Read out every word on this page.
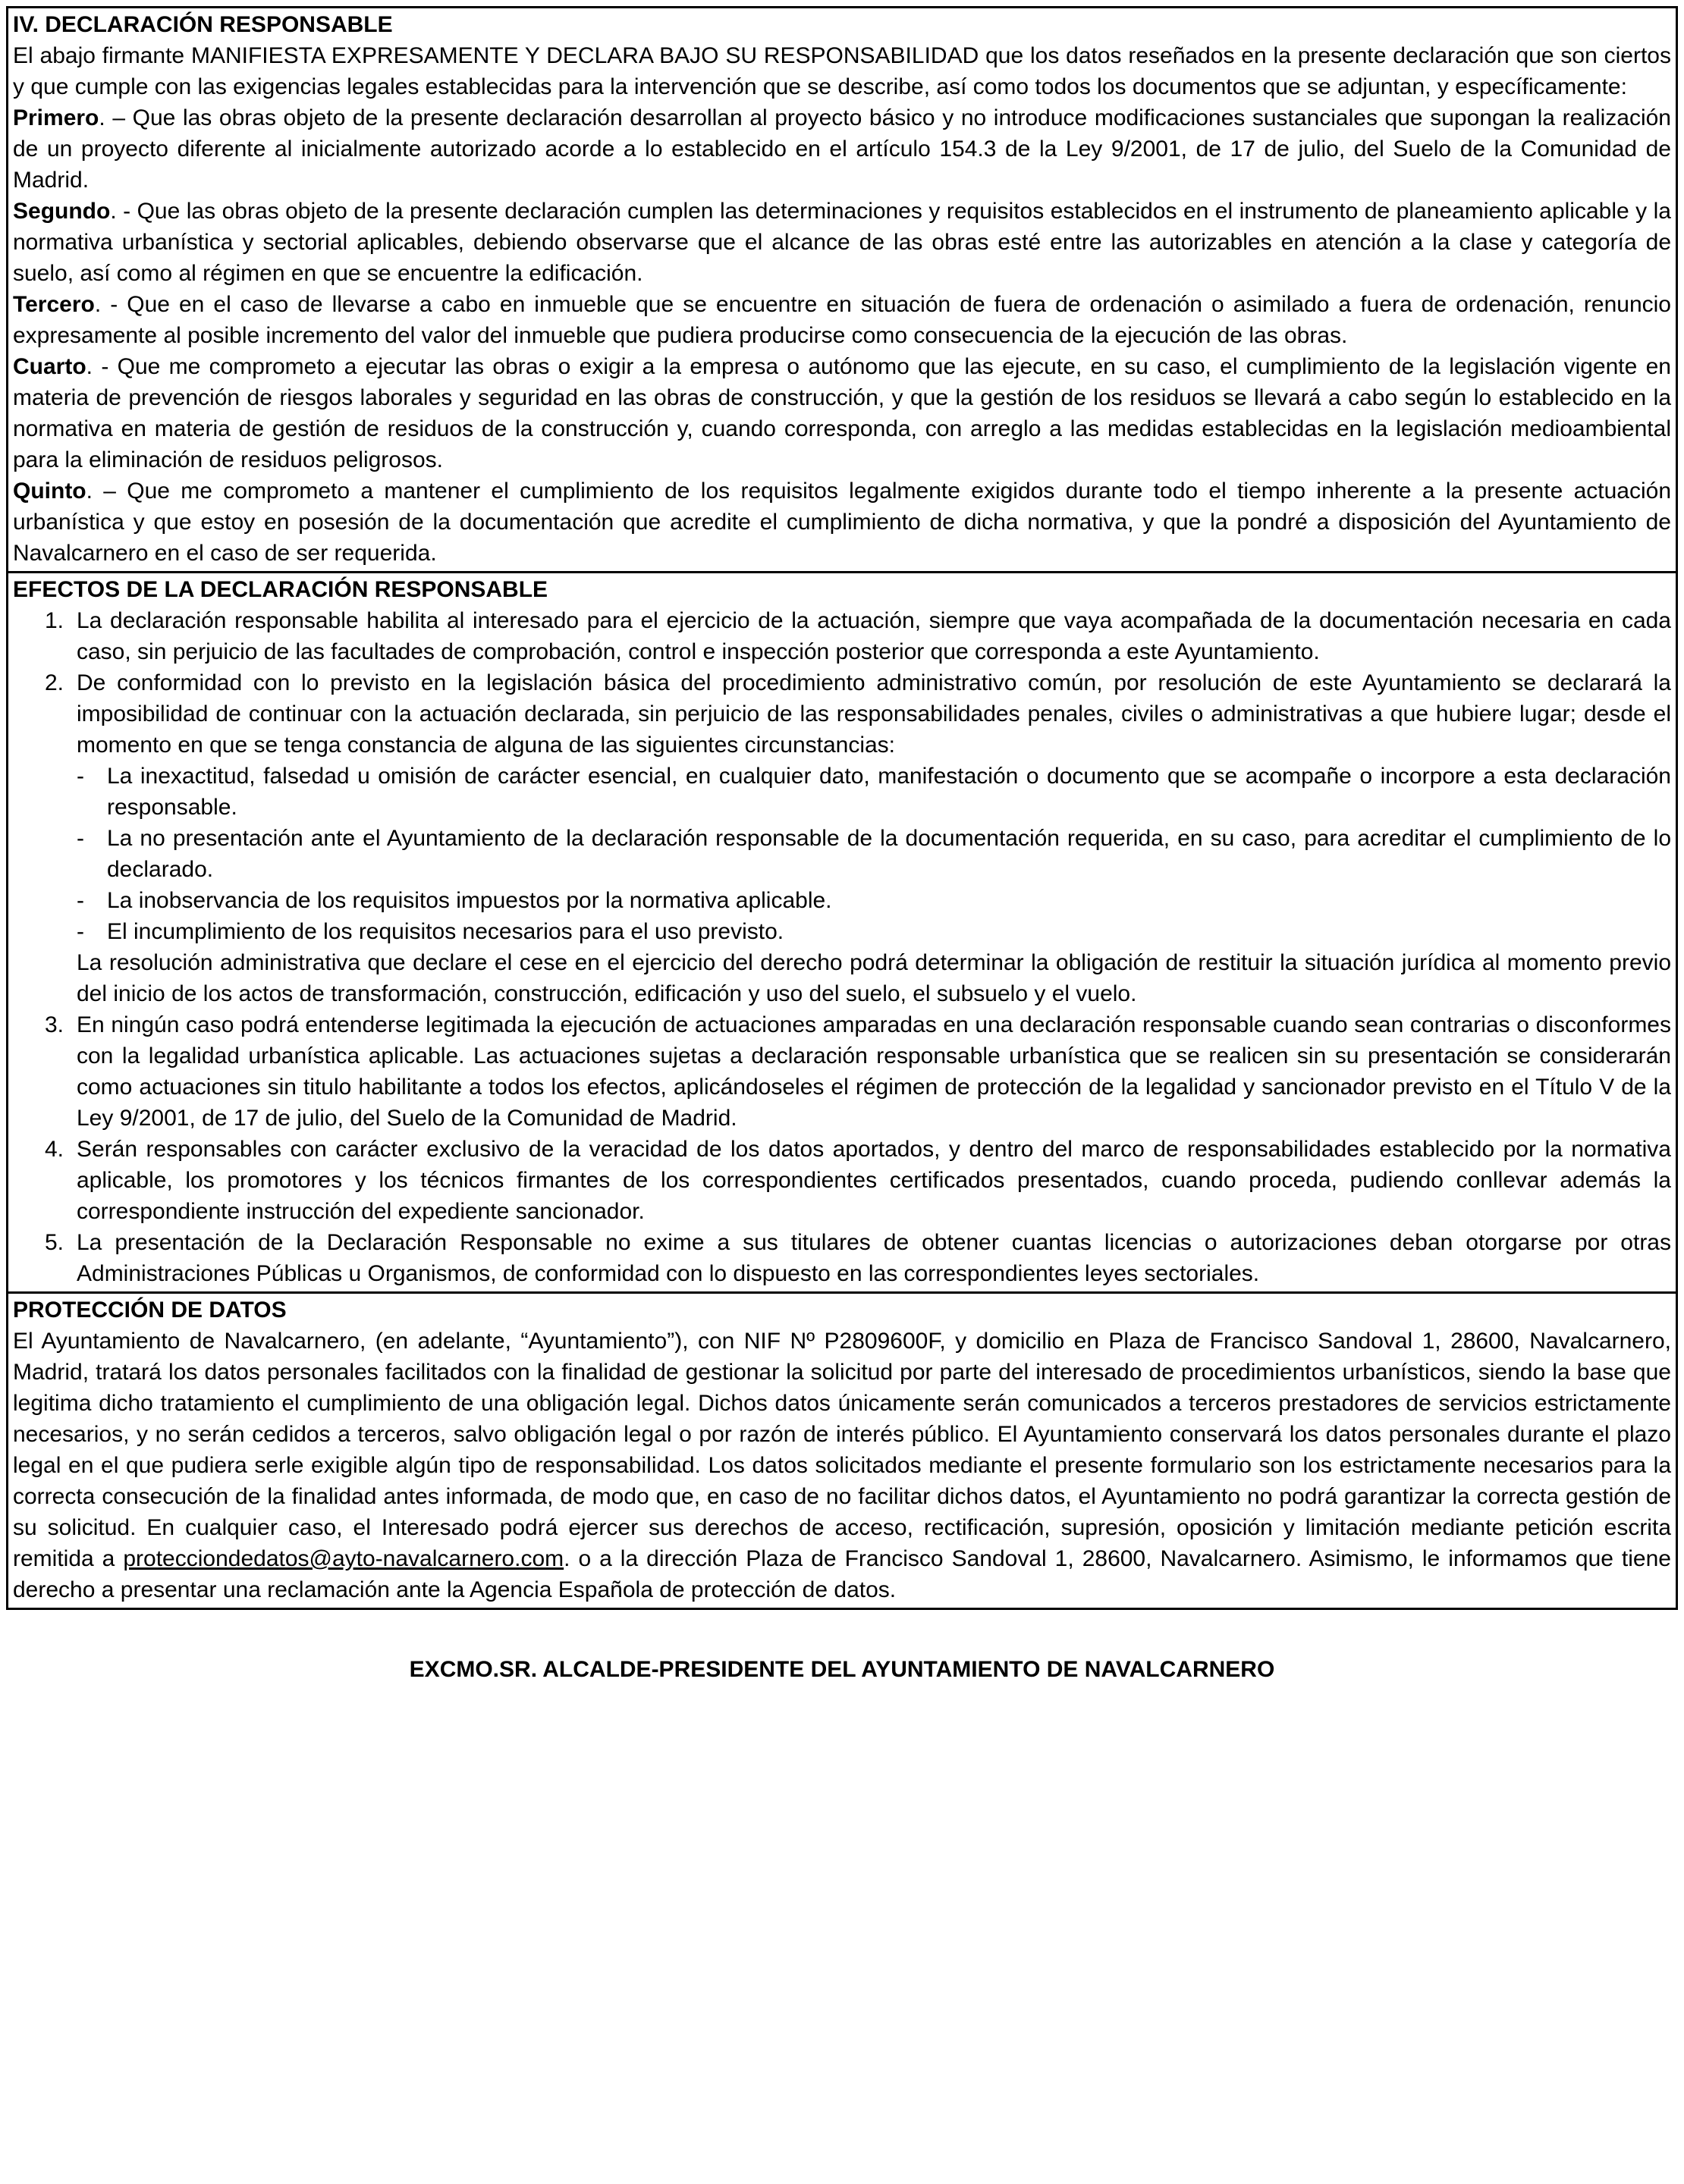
IV. DECLARACIÓN RESPONSABLE

El abajo firmante MANIFIESTA EXPRESAMENTE Y DECLARA BAJO SU RESPONSABILIDAD que los datos reseñados en la presente declaración que son ciertos y que cumple con las exigencias legales establecidas para la intervención que se describe, así como todos los documentos que se adjuntan, y específicamente:

Primero. – Que las obras objeto de la presente declaración desarrollan al proyecto básico y no introduce modificaciones sustanciales que supongan la realización de un proyecto diferente al inicialmente autorizado acorde a lo establecido en el artículo 154.3 de la Ley 9/2001, de 17 de julio, del Suelo de la Comunidad de Madrid.

Segundo. - Que las obras objeto de la presente declaración cumplen las determinaciones y requisitos establecidos en el instrumento de planeamiento aplicable y la normativa urbanística y sectorial aplicables, debiendo observarse que el alcance de las obras esté entre las autorizables en atención a la clase y categoría de suelo, así como al régimen en que se encuentre la edificación.

Tercero. - Que en el caso de llevarse a cabo en inmueble que se encuentre en situación de fuera de ordenación o asimilado a fuera de ordenación, renuncio expresamente al posible incremento del valor del inmueble que pudiera producirse como consecuencia de la ejecución de las obras.

Cuarto. - Que me comprometo a ejecutar las obras o exigir a la empresa o autónomo que las ejecute, en su caso, el cumplimiento de la legislación vigente en materia de prevención de riesgos laborales y seguridad en las obras de construcción, y que la gestión de los residuos se llevará a cabo según lo establecido en la normativa en materia de gestión de residuos de la construcción y, cuando corresponda, con arreglo a las medidas establecidas en la legislación medioambiental para la eliminación de residuos peligrosos.

Quinto. – Que me comprometo a mantener el cumplimiento de los requisitos legalmente exigidos durante todo el tiempo inherente a la presente actuación urbanística y que estoy en posesión de la documentación que acredite el cumplimiento de dicha normativa, y que la pondré a disposición del Ayuntamiento de Navalcarnero en el caso de ser requerida.

EFECTOS DE LA DECLARACIÓN RESPONSABLE
1. La declaración responsable habilita al interesado para el ejercicio de la actuación, siempre que vaya acompañada de la documentación necesaria en cada caso, sin perjuicio de las facultades de comprobación, control e inspección posterior que corresponda a este Ayuntamiento.

2. De conformidad con lo previsto en la legislación básica del procedimiento administrativo común, por resolución de este Ayuntamiento se declarará la imposibilidad de continuar con la actuación declarada, sin perjuicio de las responsabilidades penales, civiles o administrativas a que hubiere lugar; desde el momento en que se tenga constancia de alguna de las siguientes circunstancias:

-	La inexactitud, falsedad u omisión de carácter esencial, en cualquier dato, manifestación o documento que se acompañe o incorpore a esta declaración responsable.

-	La no presentación ante el Ayuntamiento de la declaración responsable de la documentación requerida, en su caso, para acreditar el cumplimiento de lo declarado.

-	La inobservancia de los requisitos impuestos por la normativa aplicable.

-	El incumplimiento de los requisitos necesarios para el uso previsto.

La resolución administrativa que declare el cese en el ejercicio del derecho podrá determinar la obligación de restituir la situación jurídica al momento previo del inicio de los actos de transformación, construcción, edificación y uso del suelo, el subsuelo y el vuelo.

3. En ningún caso podrá entenderse legitimada la ejecución de actuaciones amparadas en una declaración responsable cuando sean contrarias o disconformes con la legalidad urbanística aplicable. Las actuaciones sujetas a declaración responsable urbanística que se realicen sin su presentación se considerarán como actuaciones sin titulo habilitante a todos los efectos, aplicándoseles el régimen de protección de la legalidad y sancionador previsto en el Título V de la Ley 9/2001, de 17 de julio, del Suelo de la Comunidad de Madrid.

4. Serán responsables con carácter exclusivo de la veracidad de los datos aportados, y dentro del marco de responsabilidades establecido por la normativa aplicable, los promotores y los técnicos firmantes de los correspondientes certificados presentados, cuando proceda, pudiendo conllevar además la correspondiente instrucción del expediente sancionador.

5. La presentación de la Declaración Responsable no exime a sus titulares de obtener cuantas licencias o autorizaciones deban otorgarse por otras Administraciones Públicas u Organismos, de conformidad con lo dispuesto en las correspondientes leyes sectoriales.

PROTECCIÓN DE DATOS

El Ayuntamiento de Navalcarnero, (en adelante, “Ayuntamiento”), con NIF Nº P2809600F, y domicilio en Plaza de Francisco Sandoval 1, 28600, Navalcarnero, Madrid, tratará los datos personales facilitados con la finalidad de gestionar la solicitud por parte del interesado de procedimientos urbanísticos, siendo la base que legitima dicho tratamiento el cumplimiento de una obligación legal. Dichos datos únicamente serán comunicados a terceros prestadores de servicios estrictamente necesarios, y no serán cedidos a terceros, salvo obligación legal o por razón de interés público. El Ayuntamiento conservará los datos personales durante el plazo legal en el que pudiera serle exigible algún tipo de responsabilidad. Los datos solicitados mediante el presente formulario son los estrictamente necesarios para la correcta consecución de la finalidad antes informada, de modo que, en caso de no facilitar dichos datos, el Ayuntamiento no podrá garantizar la correcta gestión de su solicitud. En cualquier caso, el Interesado podrá ejercer sus derechos de acceso, rectificación, supresión, oposición y limitación mediante petición escrita remitida a protecciondedatos@ayto-navalcarnero.com. o a la dirección Plaza de Francisco Sandoval 1, 28600, Navalcarnero. Asimismo, le informamos que tiene derecho a presentar una reclamación ante la Agencia Española de protección de datos.

EXCMO.SR. ALCALDE-PRESIDENTE DEL AYUNTAMIENTO DE NAVALCARNERO
